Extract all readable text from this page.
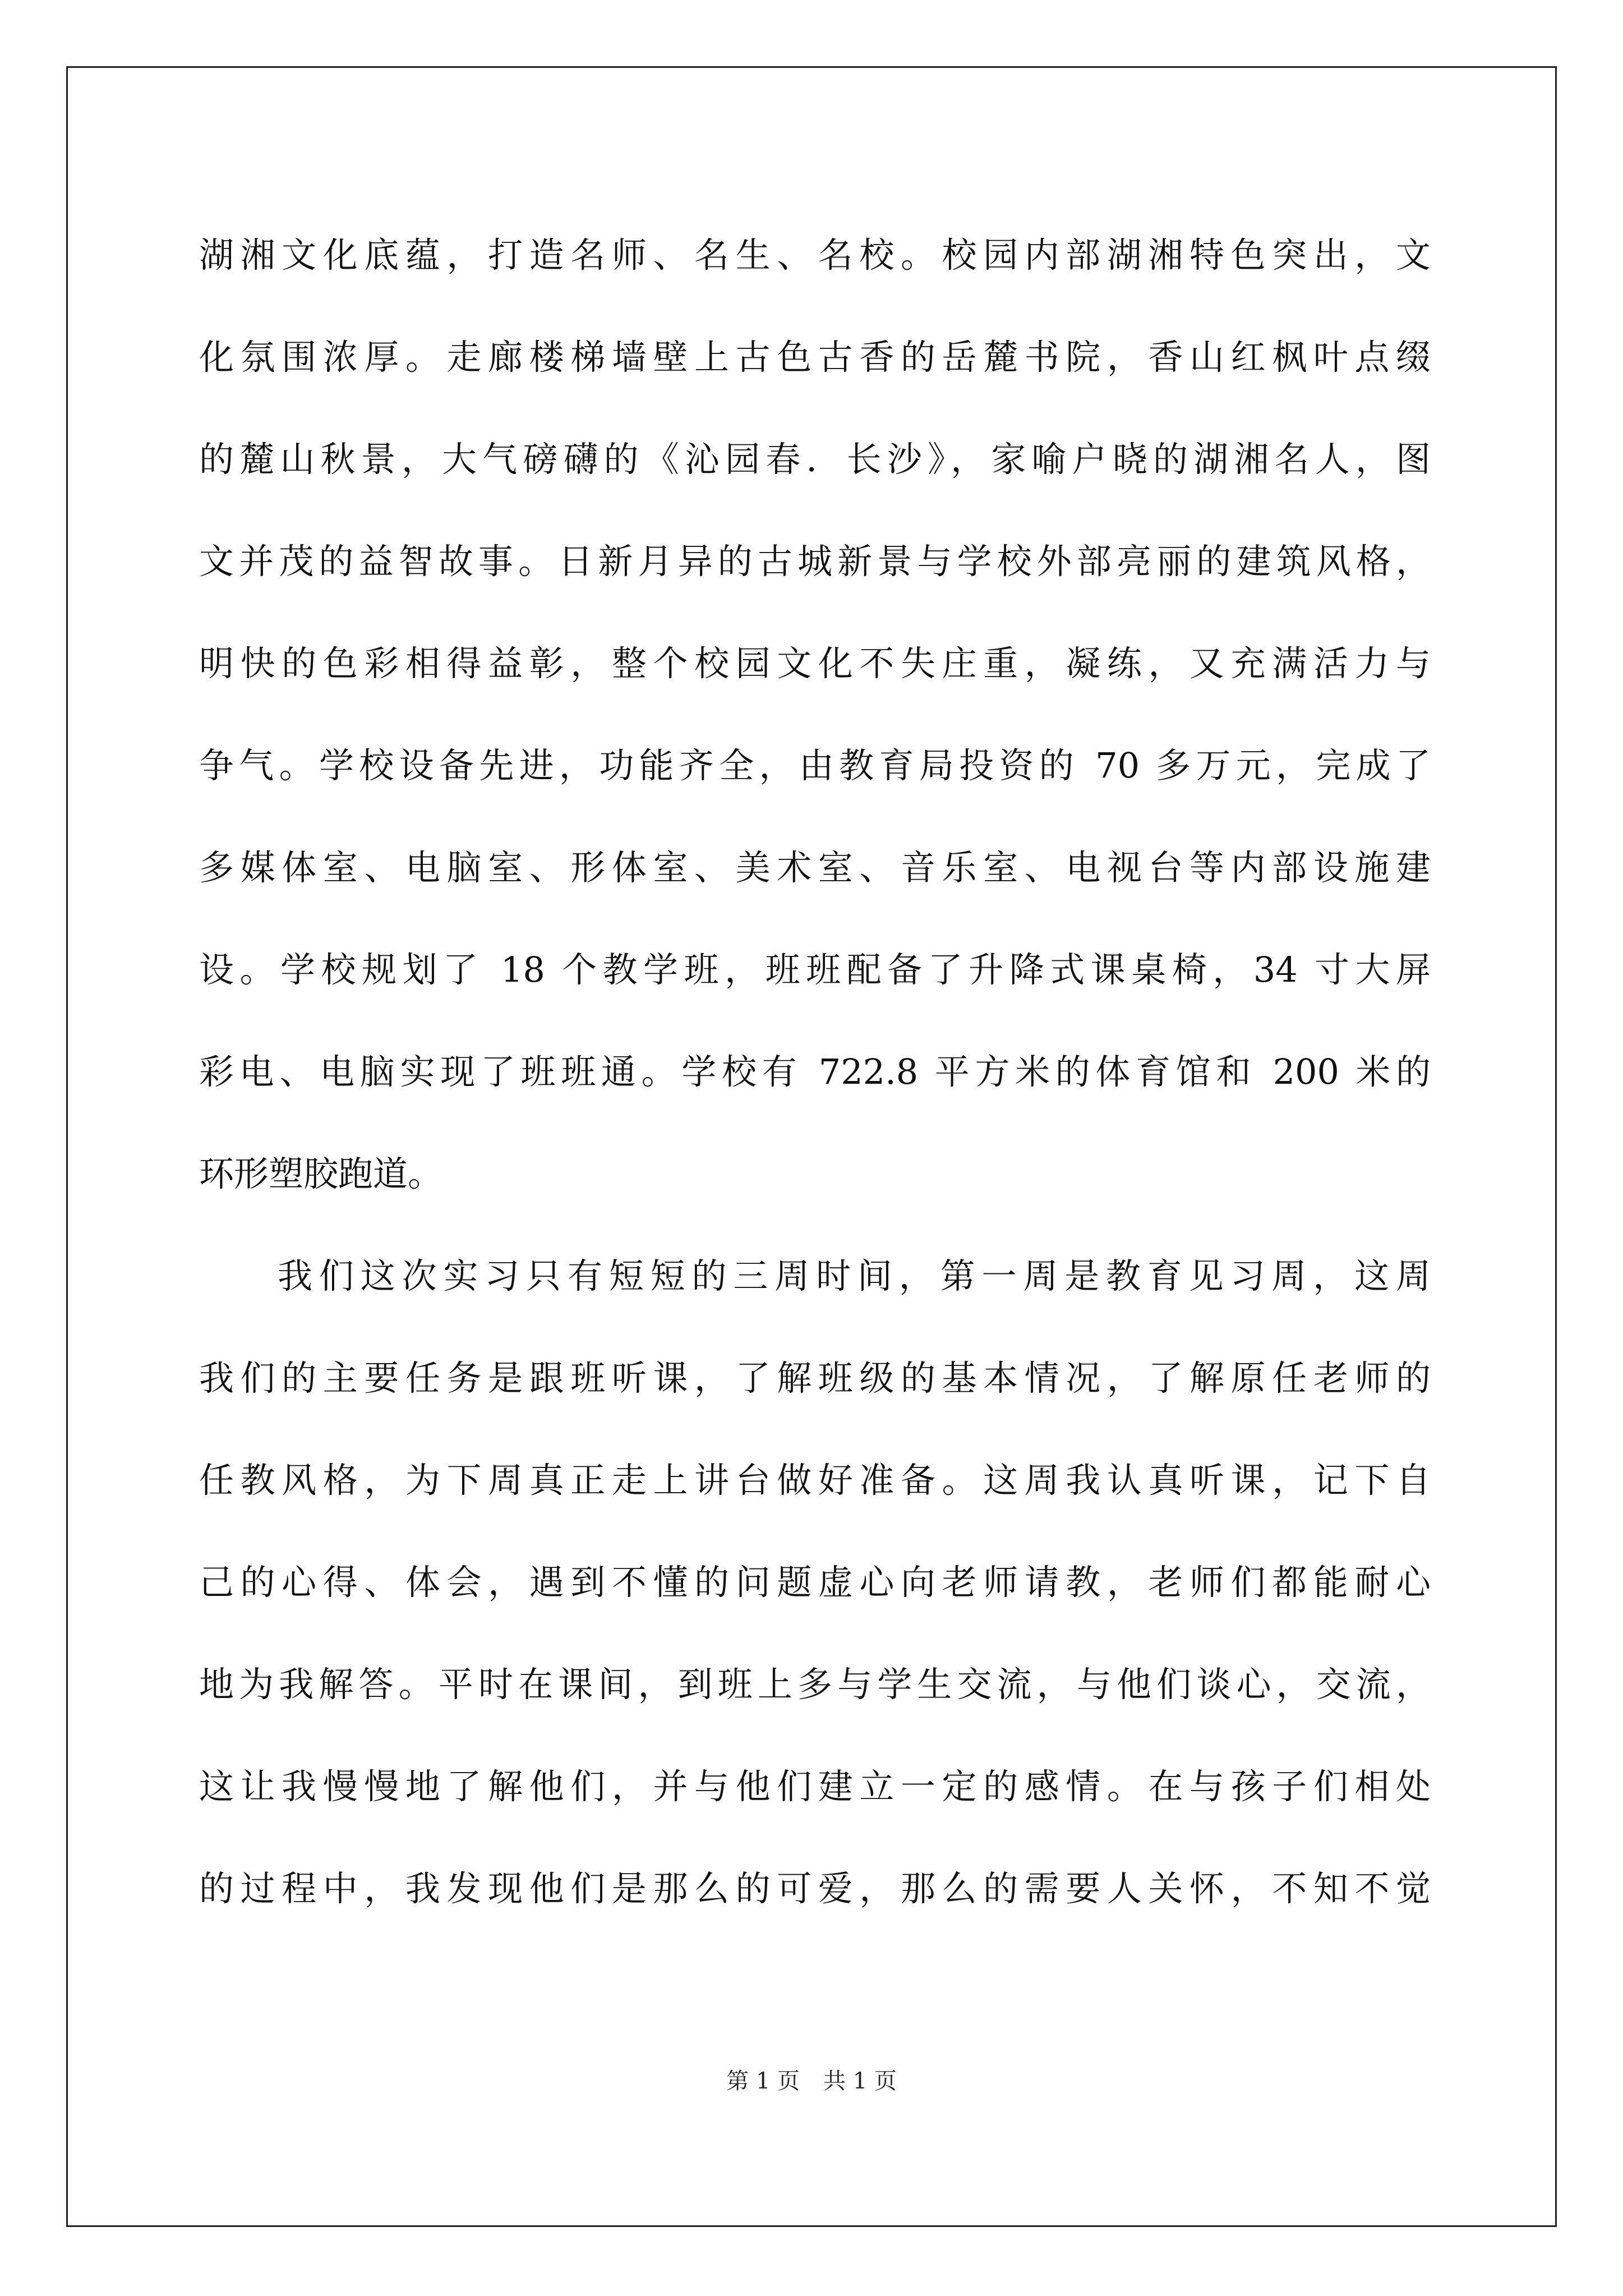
湖湘文化底蕴，打造名师、名生、名校。校园内部湖湘特色突出，文
化氛围浓厚。走廊楼梯墙壁上古色古香的岳麓书院，香山红枫叶点缀
的麓山秋景，大气磅礴的《沁园春．长沙》，家喻户晓的湖湘名人，图
文并茂的益智故事。日新月异的古城新景与学校外部亮丽的建筑风格，
明快的色彩相得益彰，整个校园文化不失庄重，凝练，又充满活力与
争气。学校设备先进，功能齐全，由教育局投资的 70 多万元，完成了
多媒体室、电脑室、形体室、美术室、音乐室、电视台等内部设施建
设。学校规划了 18 个教学班，班班配备了升降式课桌椅，34 寸大屏
彩电、电脑实现了班班通。学校有 722.8 平方米的体育馆和 200 米的
环形塑胶跑道。
我们这次实习只有短短的三周时间，第一周是教育见习周，这周
我们的主要任务是跟班听课，了解班级的基本情况，了解原任老师的
任教风格，为下周真正走上讲台做好准备。这周我认真听课，记下自
己的心得、体会，遇到不懂的问题虚心向老师请教，老师们都能耐心
地为我解答。平时在课间，到班上多与学生交流，与他们谈心，交流，
这让我慢慢地了解他们，并与他们建立一定的感情。在与孩子们相处
的过程中，我发现他们是那么的可爱，那么的需要人关怀，不知不觉
第 1 页 共 1 页
